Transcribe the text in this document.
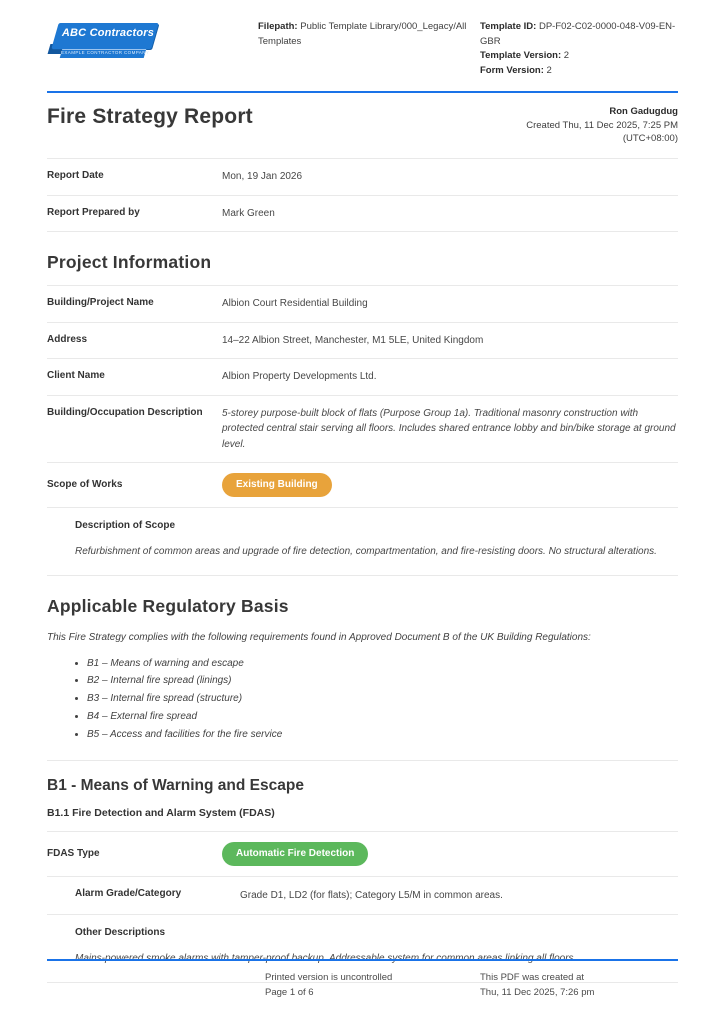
ABC Contractors
EXAMPLE CONTRACTOR COMPANY
Filepath: Public Template Library/000_Legacy/All Templates
Template ID: DP-F02-C02-0000-048-V09-EN-GBR
Template Version: 2
Form Version: 2
Fire Strategy Report	Ron Gadugdug
Created Thu, 11 Dec 2025, 7:25 PM
(UTC+08:00)
Report Date	Mon, 19 Jan 2026
Report Prepared by	Mark Green
Project Information
Building/Project Name	Albion Court Residential Building
Address	14–22 Albion Street, Manchester, M1 5LE, United Kingdom
Client Name	Albion Property Developments Ltd.
Building/Occupation Description	5-storey purpose-built block of flats (Purpose Group 1a). Traditional masonry construction with protected central stair serving all floors. Includes shared entrance lobby and bin/bike storage at ground level.
Scope of Works	Existing Building
Description of Scope
Refurbishment of common areas and upgrade of fire detection, compartmentation, and fire-resisting doors. No structural alterations.
Applicable Regulatory Basis
This Fire Strategy complies with the following requirements found in Approved Document B of the UK Building Regulations:
• B1 – Means of warning and escape
• B2 – Internal fire spread (linings)
• B3 – Internal fire spread (structure)
• B4 – External fire spread
• B5 – Access and facilities for the fire service
B1 - Means of Warning and Escape
B1.1 Fire Detection and Alarm System (FDAS)
FDAS Type	Automatic Fire Detection
Alarm Grade/Category	Grade D1, LD2 (for flats); Category L5/M in common areas.
Other Descriptions
Printed version is uncontrolled
Page 1 of 6
This PDF was created at
Thu, 11 Dec 2025, 7:26 pm
